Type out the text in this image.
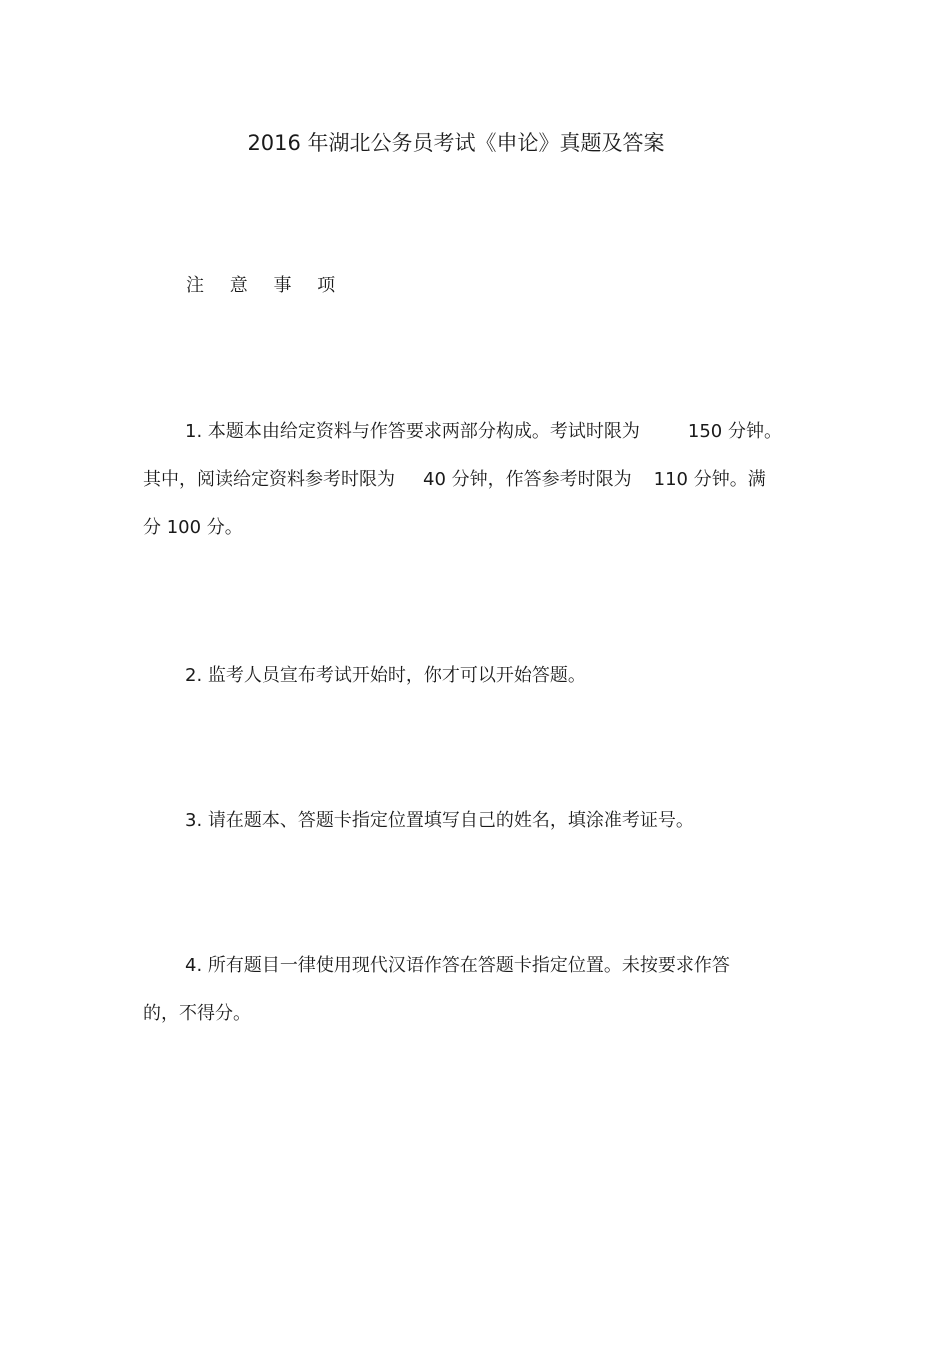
2016 年湖北公务员考试《申论》真题及答案
注 意 事 项
1. 本题本由给定资料与作答要求两部分构成。考试时限为	150 分钟。
其中，阅读给定资料参考时限为 40 分钟，作答参考时限为 110 分钟。满
分 100 分。
2. 监考人员宣布考试开始时，你才可以开始答题。
3. 请在题本、答题卡指定位置填写自己的姓名，填涂准考证号。
4. 所有题目一律使用现代汉语作答在答题卡指定位置。未按要求作答
的，不得分。
